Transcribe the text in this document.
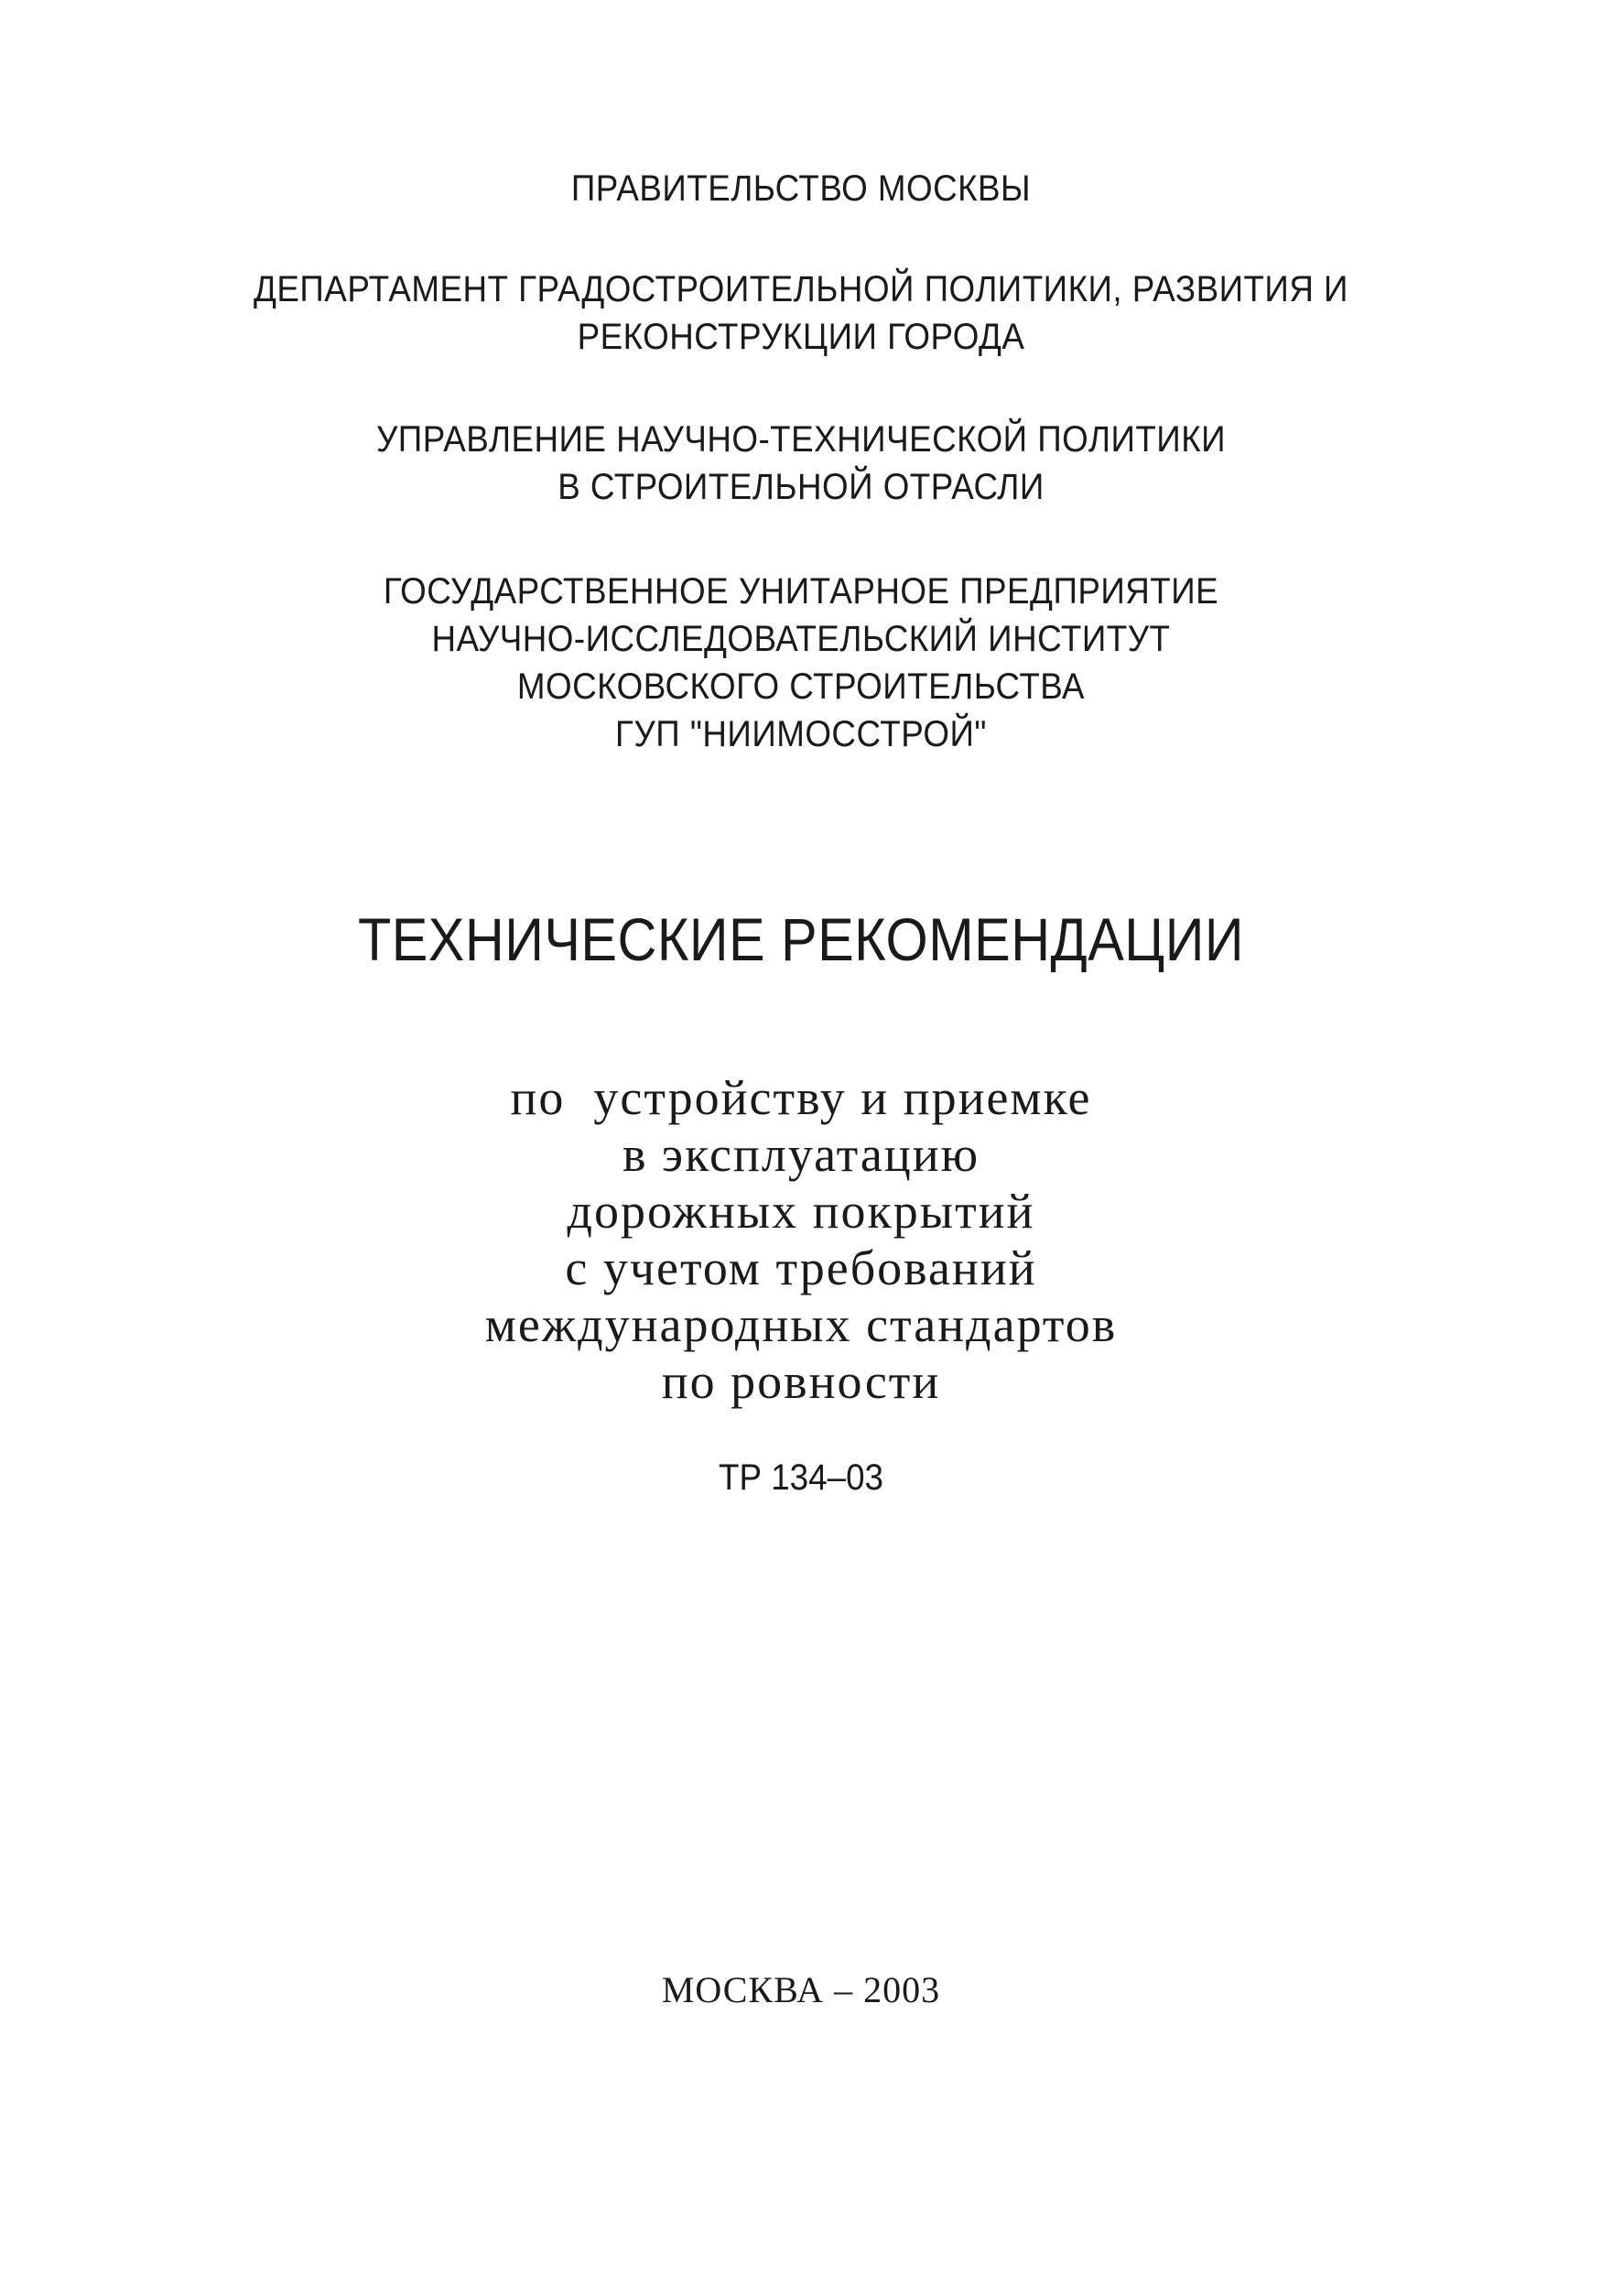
ПРАВИТЕЛЬСТВО МОСКВЫ
ДЕПАРТАМЕНТ ГРАДОСТРОИТЕЛЬНОЙ ПОЛИТИКИ, РАЗВИТИЯ И
РЕКОНСТРУКЦИИ ГОРОДА
УПРАВЛЕНИЕ НАУЧНО-ТЕХНИЧЕСКОЙ ПОЛИТИКИ
В СТРОИТЕЛЬНОЙ ОТРАСЛИ
ГОСУДАРСТВЕННОЕ УНИТАРНОЕ ПРЕДПРИЯТИЕ
НАУЧНО-ИССЛЕДОВАТЕЛЬСКИЙ ИНСТИТУТ
МОСКОВСКОГО СТРОИТЕЛЬСТВА
ГУП "НИИМОССТРОЙ"
ТЕХНИЧЕСКИЕ РЕКОМЕНДАЦИИ
по  устройству и приемке
в эксплуатацию
дорожных покрытий
с учетом требований
международных стандартов
по ровности
ТР 134–03
МОСКВА – 2003
